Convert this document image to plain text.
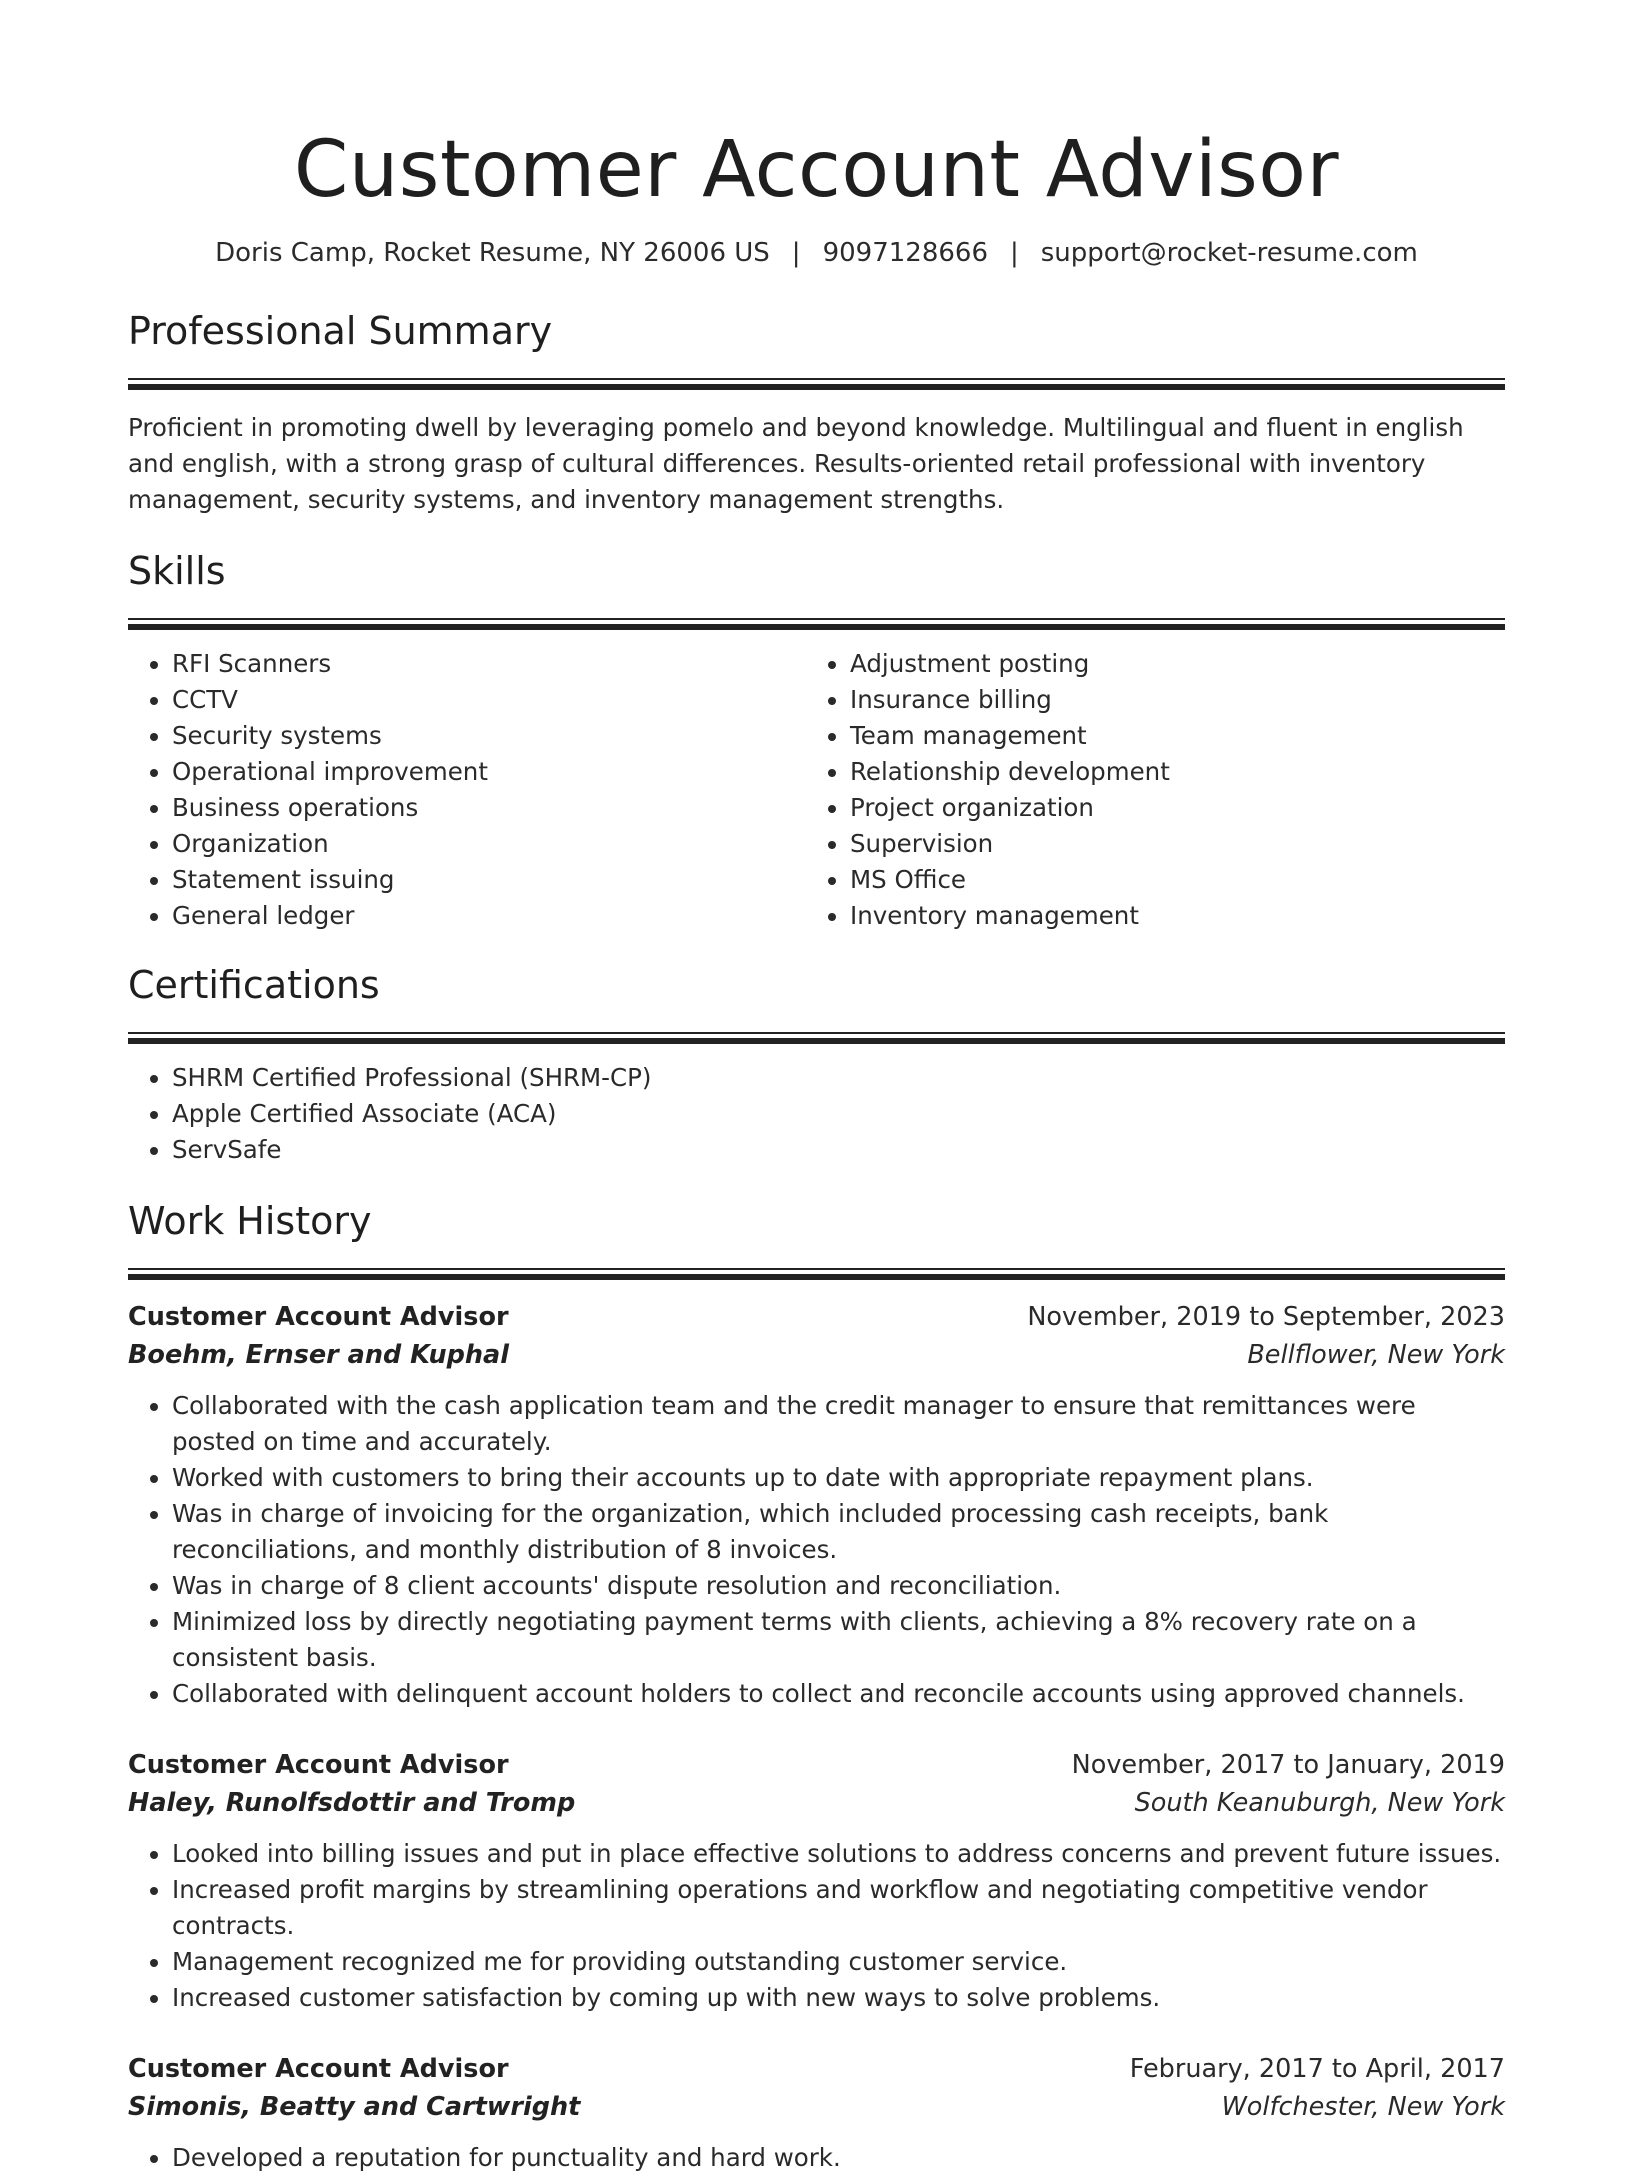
Customer Account Advisor
Doris Camp, Rocket Resume, NY 26006 US | 9097128666 | support@rocket-resume.com
Professional Summary
Proficient in promoting dwell by leveraging pomelo and beyond knowledge. Multilingual and fluent in english and english, with a strong grasp of cultural differences. Results-oriented retail professional with inventory management, security systems, and inventory management strengths.
Skills
• RFI Scanners
• CCTV
• Security systems
• Operational improvement
• Business operations
• Organization
• Statement issuing
• General ledger
• Adjustment posting
• Insurance billing
• Team management
• Relationship development
• Project organization
• Supervision
• MS Office
• Inventory management
Certifications
• SHRM Certified Professional (SHRM-CP)
• Apple Certified Associate (ACA)
• ServSafe
Work History
Customer Account Advisor	November, 2019 to September, 2023
Boehm, Ernser and Kuphal	Bellflower, New York
• Collaborated with the cash application team and the credit manager to ensure that remittances were posted on time and accurately.
• Worked with customers to bring their accounts up to date with appropriate repayment plans.
• Was in charge of invoicing for the organization, which included processing cash receipts, bank reconciliations, and monthly distribution of 8 invoices.
• Was in charge of 8 client accounts' dispute resolution and reconciliation.
• Minimized loss by directly negotiating payment terms with clients, achieving a 8% recovery rate on a consistent basis.
• Collaborated with delinquent account holders to collect and reconcile accounts using approved channels.
Customer Account Advisor	November, 2017 to January, 2019
Haley, Runolfsdottir and Tromp	South Keanuburgh, New York
• Looked into billing issues and put in place effective solutions to address concerns and prevent future issues.
• Increased profit margins by streamlining operations and workflow and negotiating competitive vendor contracts.
• Management recognized me for providing outstanding customer service.
• Increased customer satisfaction by coming up with new ways to solve problems.
Customer Account Advisor	February, 2017 to April, 2017
Simonis, Beatty and Cartwright	Wolfchester, New York
• Developed a reputation for punctuality and hard work.
